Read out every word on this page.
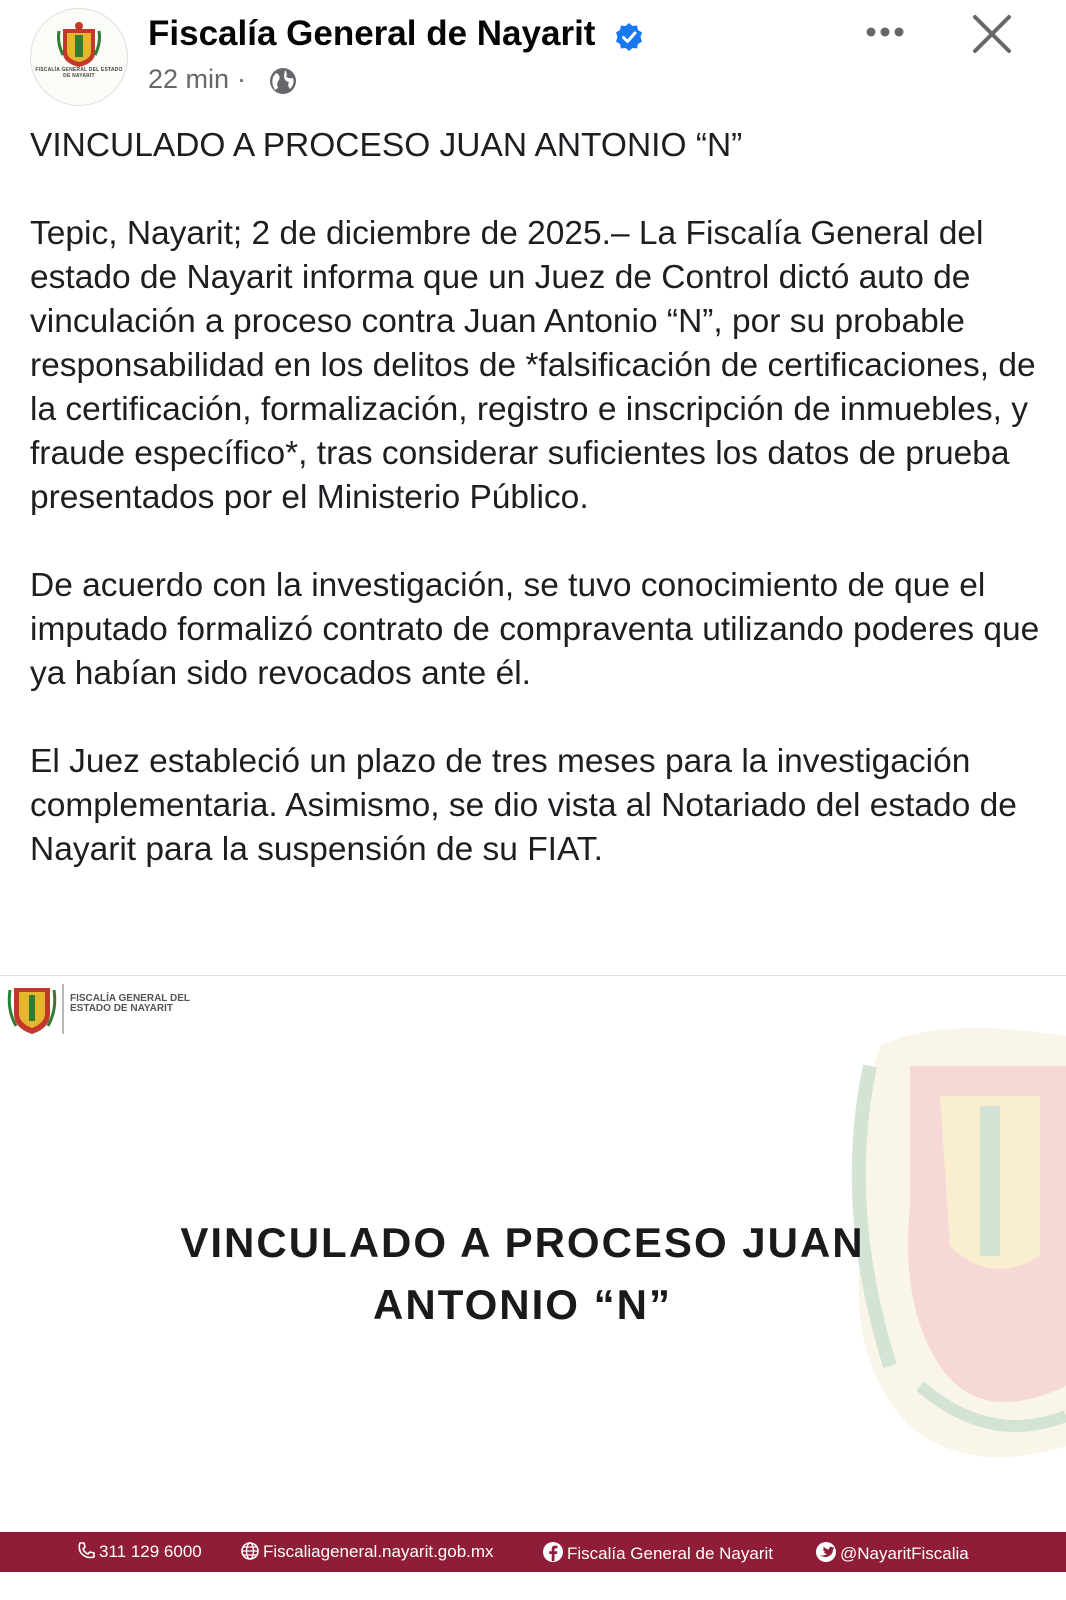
FISCALÍA GENERAL DEL ESTADO DE NAYARIT
Fiscalía General de Nayarit
22 min ·

VINCULADO A PROCESO JUAN ANTONIO “N”

Tepic, Nayarit; 2 de diciembre de 2025.– La Fiscalía General del estado de Nayarit informa que un Juez de Control dictó auto de vinculación a proceso contra Juan Antonio “N”, por su probable responsabilidad en los delitos de *falsificación de certificaciones, de la certificación, formalización, registro e inscripción de inmuebles, y fraude específico*, tras considerar suficientes los datos de prueba presentados por el Ministerio Público.

De acuerdo con la investigación, se tuvo conocimiento de que el imputado formalizó contrato de compraventa utilizando poderes que ya habían sido revocados ante él.

El Juez estableció un plazo de tres meses para la investigación complementaria. Asimismo, se dio vista al Notariado del estado de Nayarit para la suspensión de su FIAT.

FISCALÍA GENERAL DEL ESTADO DE NAYARIT
VINCULADO A PROCESO JUAN
ANTONIO “N”
311 129 6000	Fiscaliageneral.nayarit.gob.mx	Fiscalía General de Nayarit	@NayaritFiscalia
